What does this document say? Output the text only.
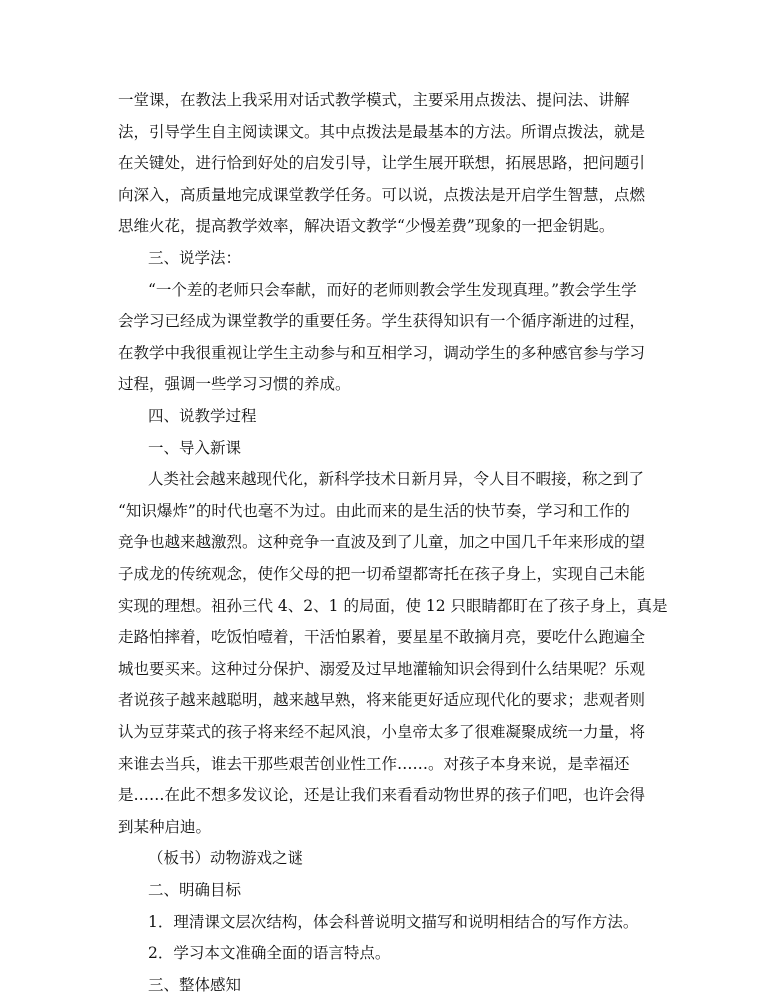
一堂课，在教法上我采用对话式教学模式，主要采用点拨法、提问法、讲解
法，引导学生自主阅读课文。其中点拨法是最基本的方法。所谓点拨法，就是
在关键处，进行恰到好处的启发引导，让学生展开联想，拓展思路，把问题引
向深入，高质量地完成课堂教学任务。可以说，点拨法是开启学生智慧，点燃
思维火花，提高教学效率，解决语文教学“少慢差费”现象的一把金钥匙。
三、说学法：
“一个差的老师只会奉献，而好的老师则教会学生发现真理。”教会学生学
会学习已经成为课堂教学的重要任务。学生获得知识有一个循序渐进的过程，
在教学中我很重视让学生主动参与和互相学习，调动学生的多种感官参与学习
过程，强调一些学习习惯的养成。
四、说教学过程
一、导入新课
人类社会越来越现代化，新科学技术日新月异，令人目不暇接，称之到了
“知识爆炸”的时代也毫不为过。由此而来的是生活的快节奏，学习和工作的
竞争也越来越激烈。这种竞争一直波及到了儿童，加之中国几千年来形成的望
子成龙的传统观念，使作父母的把一切希望都寄托在孩子身上，实现自己未能
实现的理想。祖孙三代 4、2、1 的局面，使 12 只眼睛都盯在了孩子身上，真是
走路怕摔着，吃饭怕噎着，干活怕累着，要星星不敢摘月亮，要吃什么跑遍全
城也要买来。这种过分保护、溺爱及过早地灌输知识会得到什么结果呢？乐观
者说孩子越来越聪明，越来越早熟，将来能更好适应现代化的要求；悲观者则
认为豆芽菜式的孩子将来经不起风浪，小皇帝太多了很难凝聚成统一力量，将
来谁去当兵，谁去干那些艰苦创业性工作……。对孩子本身来说，是幸福还
是……在此不想多发议论，还是让我们来看看动物世界的孩子们吧，也许会得
到某种启迪。
（板书）动物游戏之谜
二、明确目标
1．理清课文层次结构，体会科普说明文描写和说明相结合的写作方法。
2．学习本文准确全面的语言特点。
三、整体感知
